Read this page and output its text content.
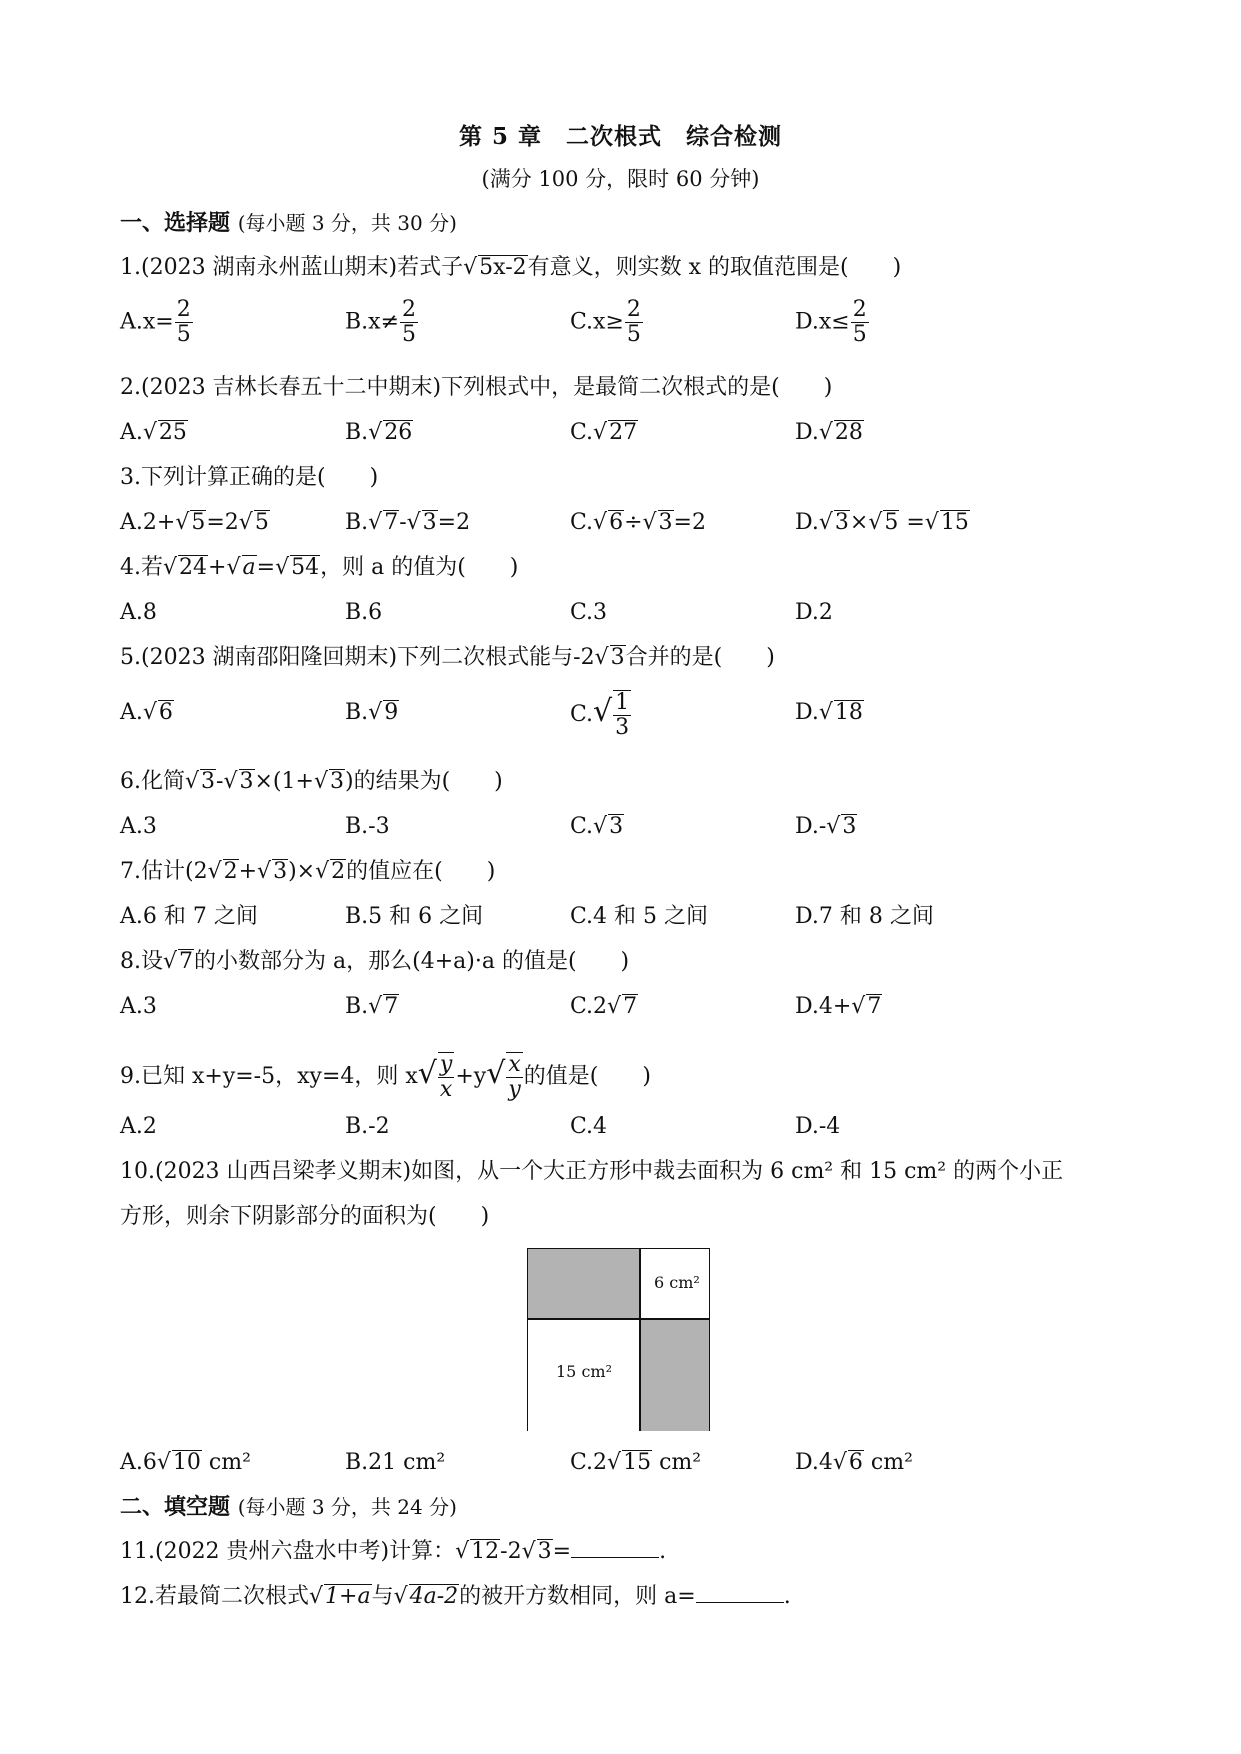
第 5 章　二次根式　综合检测
(满分 100 分，限时 60 分钟)
一、选择题 (每小题 3 分，共 30 分)
1.(2023 湖南永州蓝山期末)若式子√5x-2有意义，则实数 x 的取值范围是( )
$A.x= \frac{2}{5}$	$B.x\ne \frac{2}{5}$	$C.x\ge \frac{2}{5}$	$D.x\le \frac{2}{5}$
2.(2023 吉林长春五十二中期末)下列根式中，是最简二次根式的是( )
A.√25	B.√26	C.√27	D.√28
3.下列计算正确的是( )
A.2+√5=2√5	B.√7-√3=2	C.√6÷√3=2	D.√3×√5 =√15
4.若√24+√a=√54，则 a 的值为( )
A.8	B.6	C.3	D.2
5.(2023 湖南邵阳隆回期末)下列二次根式能与-2√3合并的是( )
A.√6	B.√9	$C.√ \frac{1}{3}$	D.√18
6.化简√3-√3×(1+√3)的结果为( )
A.3	B.-3	C.√3	D.-√3
7.估计(2√2+√3)×√2的值应在( )
A.6 和 7 之间	B.5 和 6 之间	C.4 和 5 之间	D.7 和 8 之间
8.设√7的小数部分为 a，那么(4+a)·a 的值是( )
A.3	B.√7	C.2√7	D.4+√7
9.已知 x+y=-5，xy=4，则 $x√ \frac{y}{x} +y√ \frac{x}{y}$ 的值是( )
A.2	B.-2	C.4	D.-4
10.(2023 山西吕梁孝义期末)如图，从一个大正方形中裁去面积为 6 cm² 和 15 cm² 的两个小正
方形，则余下阴影部分的面积为( )
6 cm²
15 cm²
A.6√10 cm²	B.21 cm²	C.2√15 cm²	D.4√6 cm²
二、填空题 (每小题 3 分，共 24 分)
11.(2022 贵州六盘水中考)计算：√12-2√3=	.
12.若最简二次根式√1+a与√4a-2的被开方数相同，则 a=	.
